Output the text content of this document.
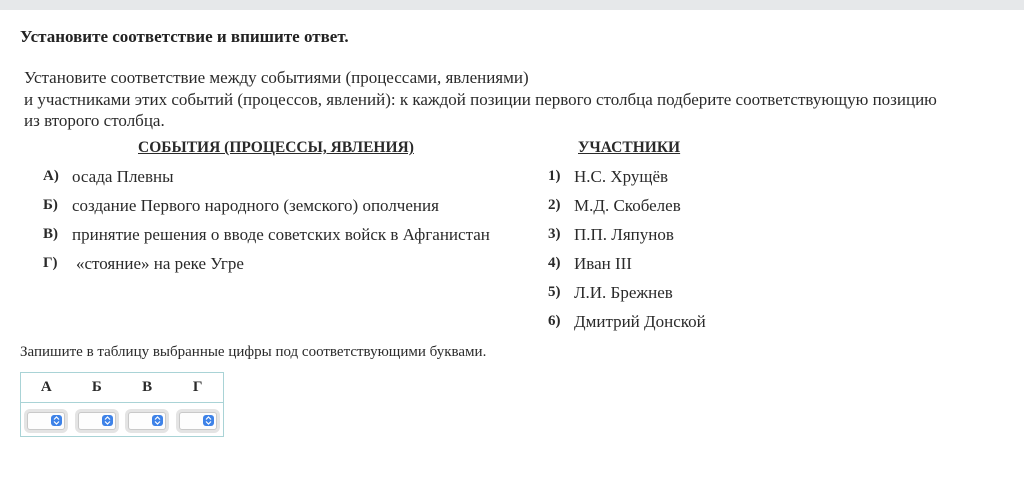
Установите соответствие и впишите ответ.
Установите соответствие между событиями (процессами, явлениями)
и участниками этих событий (процессов, явлений): к каждой позиции первого столбца подберите соответствующую позицию
из второго столбца.
СОБЫТИЯ (ПРОЦЕССЫ, ЯВЛЕНИЯ)	УЧАСТНИКИ
А) осада Плевны
Б) создание Первого народного (земского) ополчения
В) принятие решения о вводе советских войск в Афганистан
Г) «стояние» на реке Угре
1) Н.С. Хрущёв
2) М.Д. Скобелев
3) П.П. Ляпунов
4) Иван III
5) Л.И. Брежнев
6) Дмитрий Донской
Запишите в таблицу выбранные цифры под соответствующими буквами.
А	Б	В	Г
